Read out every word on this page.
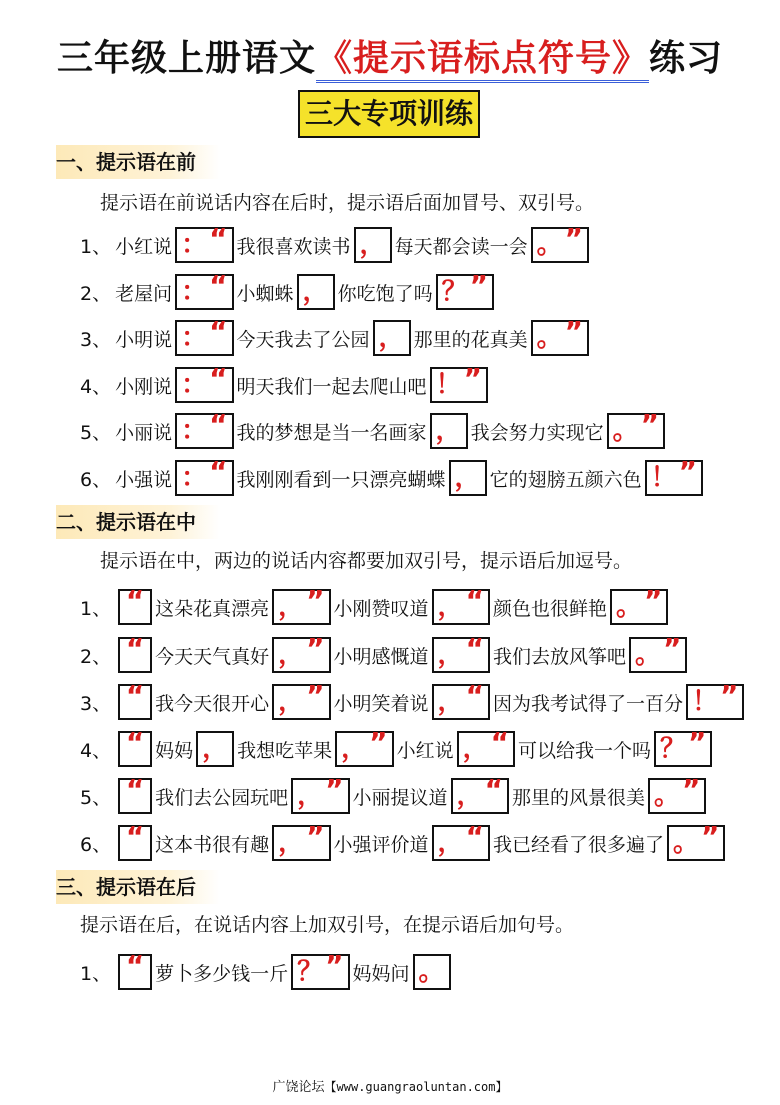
三年级上册语文《提示语标点符号》练习
三大专项训练
一、提示语在前
提示语在前说话内容在后时，提示语后面加冒号、双引号。
1、 小红说 ： “ 我很喜欢读书 ， 每天都会读一会 。 ”
2、 老屋问 ： “ 小蜘蛛 ， 你吃饱了吗 ？ ”
3、 小明说 ： “ 今天我去了公园 ， 那里的花真美 。 ”
4、 小刚说 ： “ 明天我们一起去爬山吧 ！ ”
5、 小丽说 ： “ 我的梦想是当一名画家 ， 我会努力实现它 。 ”
6、 小强说 ： “ 我刚刚看到一只漂亮蝴蝶 ， 它的翅膀五颜六色 ！ ”
二、提示语在中
提示语在中，两边的说话内容都要加双引号，提示语后加逗号。
1、 “ 这朵花真漂亮 ， ” 小刚赞叹道 ， “ 颜色也很鲜艳 。 ”
2、 “ 今天天气真好 ， ” 小明感慨道 ， “ 我们去放风筝吧 。 ”
3、 “ 我今天很开心 ， ” 小明笑着说 ， “ 因为我考试得了一百分 ！ ”
4、 “ 妈妈 ， 我想吃苹果 ， ” 小红说 ， “ 可以给我一个吗 ？ ”
5、 “ 我们去公园玩吧 ， ” 小丽提议道 ， “ 那里的风景很美 。 ”
6、 “ 这本书很有趣 ， ” 小强评价道 ， “ 我已经看了很多遍了 。 ”
三、提示语在后
提示语在后，在说话内容上加双引号，在提示语后加句号。
1、 “ 萝卜多少钱一斤 ？ ” 妈妈问 。
广饶论坛【www.guangraoluntan.com】
